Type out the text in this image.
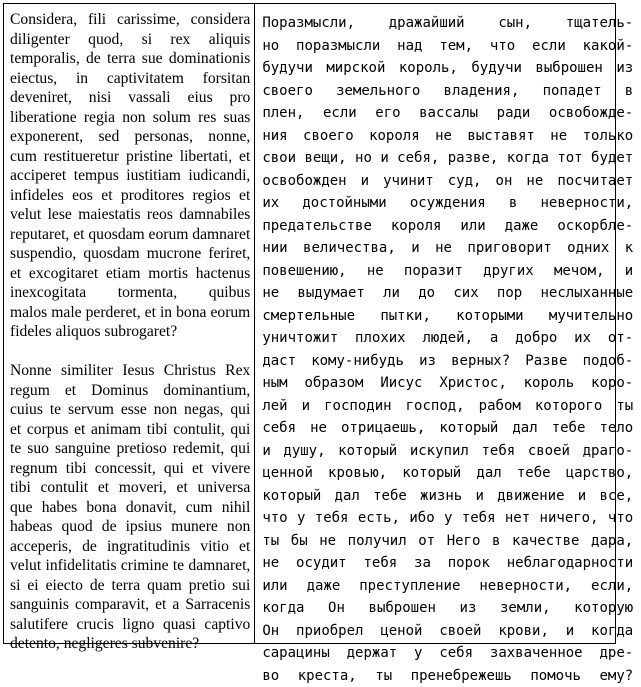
Considera, fili carissime, considera
diligenter quod, si rex aliquis
temporalis, de terra sue dominationis
eiectus, in captivitatem forsitan
deveniret, nisi vassali eius pro
liberatione regia non solum res suas
exponerent, sed personas, nonne,
cum restitueretur pristine libertati, et
acciperet tempus iustitiam iudicandi,
infideles eos et proditores regios et
velut lese maiestatis reos damnabiles
reputaret, et quosdam eorum damnaret
suspendio, quosdam mucrone feriret,
et excogitaret etiam mortis hactenus
inexcogitata tormenta, quibus
malos male perderet, et in bona eorum
fideles aliquos subrogaret?
Nonne similiter Iesus Christus Rex
regum et Dominus dominantium,
cuius te servum esse non negas, qui
et corpus et animam tibi contulit, qui
te suo sanguine pretioso redemit, qui
regnum tibi concessit, qui et vivere
tibi contulit et moveri, et universa
que habes bona donavit, cum nihil
habeas quod de ipsius munere non
acceperis, de ingratitudinis vitio et
velut infidelitatis crimine te damnaret,
si ei eiecto de terra quam pretio sui
sanguinis comparavit, et a Sarracenis
salutifere crucis ligno quasi captivo
detento, negligeres subvenire?
Поразмысли, дражайший сын, тщатель-
но поразмысли над тем, что если какой-
будучи мирской король, будучи выброшен из
своего земельного владения, попадет в
плен, если его вассалы ради освобожде-
ния своего короля не выставят не только
свои вещи, но и себя, разве, когда тот будет
освобожден и учинит суд, он не посчитает
их достойными осуждения в неверности,
предательстве короля или даже оскорбле-
нии величества, и не приговорит одних к
повешению, не поразит других мечом, и
не выдумает ли до сих пор неслыханные
смертельные пытки, которыми мучительно
уничтожит плохих людей, а добро их от-
даст кому-нибудь из верных? Разве подоб-
ным образом Иисус Христос, король коро-
лей и господин господ, рабом которого ты
себя не отрицаешь, который дал тебе тело
и душу, который искупил тебя своей драго-
ценной кровью, который дал тебе царство,
который дал тебе жизнь и движение и все,
что у тебя есть, ибо у тебя нет ничего, что
ты бы не получил от Него в качестве дара,
не осудит тебя за порок неблагодарности
или даже преступление неверности, если,
когда Он выброшен из земли, которую
Он приобрел ценой своей крови, и когда
сарацины держат у себя захваченное дре-
во креста, ты пренебрежешь помочь ему?
